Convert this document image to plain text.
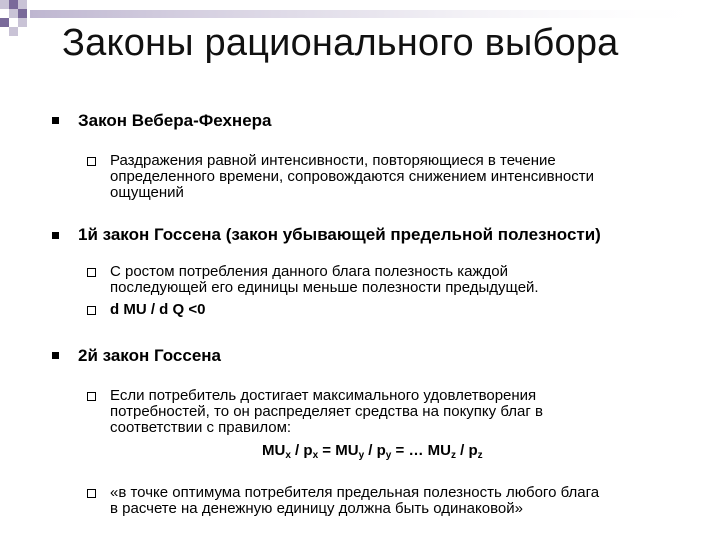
Законы рационального выбора
Закон Вебера-Фехнера
Раздражения равной интенсивности, повторяющиеся в течение
определенного времени, сопровождаются снижением интенсивности
ощущений
1й закон Госсена (закон убывающей предельной полезности)
С ростом потребления данного блага полезность каждой
последующей его единицы меньше полезности предыдущей.
d MU / d Q <0
2й закон Госсена
Если потребитель достигает максимального удовлетворения
потребностей, то он распределяет средства на покупку благ в
соответствии с правилом:
$MU_x / p_x = MU_y / p_y$ = … $MU_z / p_z$
«в точке оптимума потребителя предельная полезность любого блага
в расчете на денежную единицу должна быть одинаковой»
